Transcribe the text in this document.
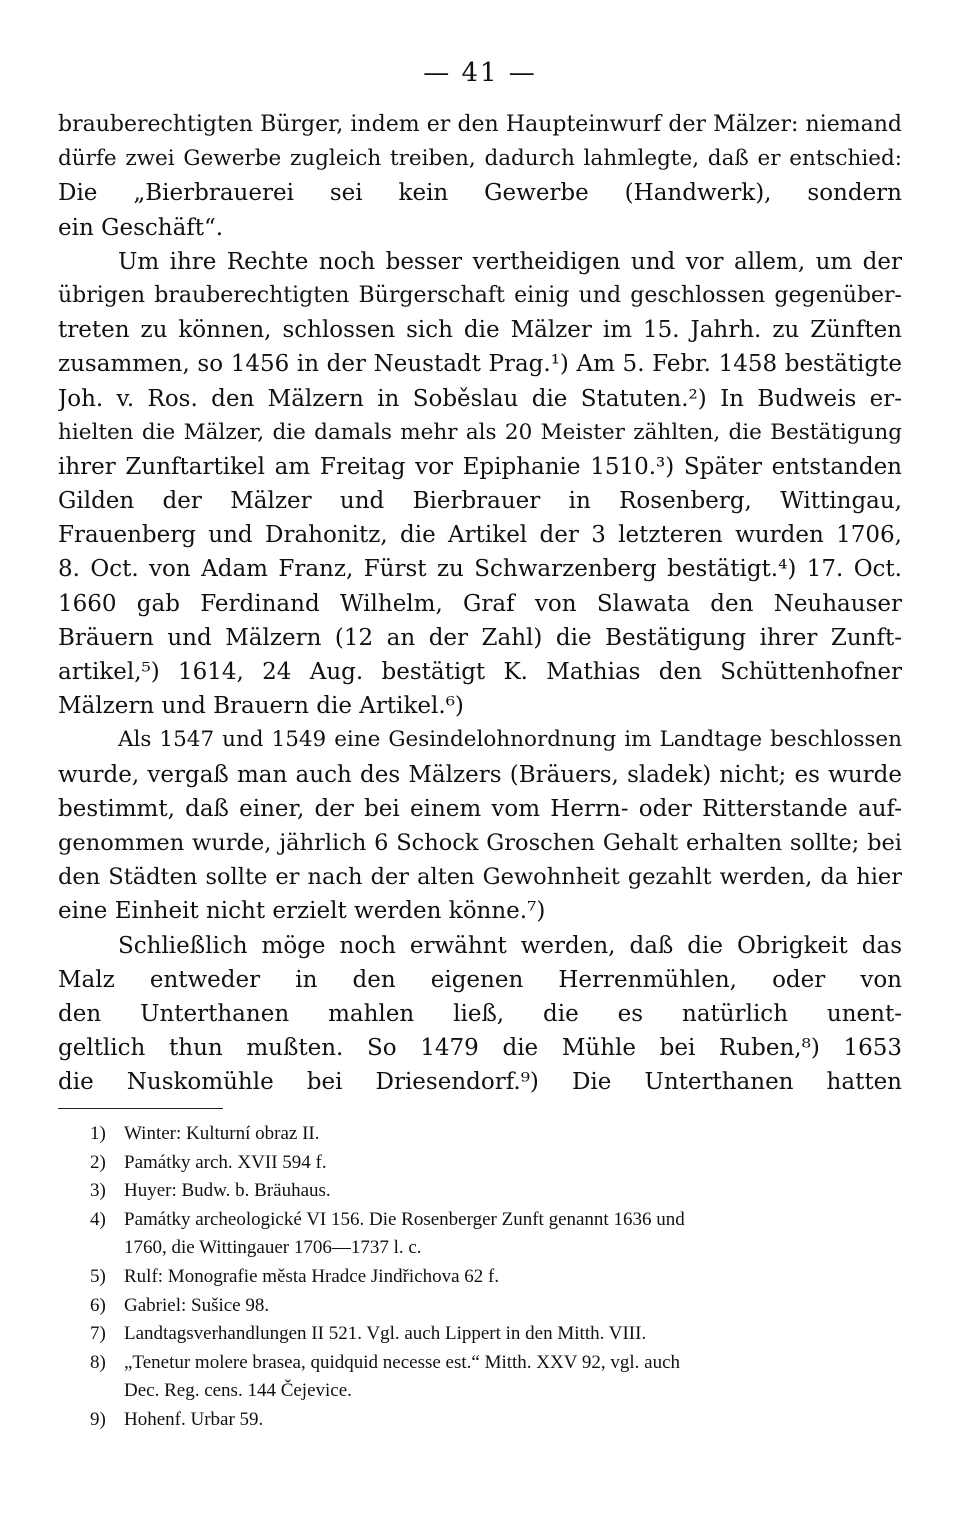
— 41 —
brauberechtigten Bürger, indem er den Haupteinwurf der Mälzer: niemand
dürfe zwei Gewerbe zugleich treiben, dadurch lahmlegte, daß er entschied:
Die „Bierbrauerei sei kein Gewerbe (Handwerk), sondern
ein Geschäft“.
Um ihre Rechte noch besser vertheidigen und vor allem, um der
übrigen brauberechtigten Bürgerschaft einig und geschlossen gegenüber-
treten zu können, schlossen sich die Mälzer im 15. Jahrh. zu Zünften
zusammen, so 1456 in der Neustadt Prag.¹) Am 5. Febr. 1458 bestätigte
Joh. v. Ros. den Mälzern in Soběslau die Statuten.²) In Budweis er-
hielten die Mälzer, die damals mehr als 20 Meister zählten, die Bestätigung
ihrer Zunftartikel am Freitag vor Epiphanie 1510.³) Später entstanden
Gilden der Mälzer und Bierbrauer in Rosenberg, Wittingau,
Frauenberg und Drahonitz, die Artikel der 3 letzteren wurden 1706,
8. Oct. von Adam Franz, Fürst zu Schwarzenberg bestätigt.⁴) 17. Oct.
1660 gab Ferdinand Wilhelm, Graf von Slawata den Neuhauser
Bräuern und Mälzern (12 an der Zahl) die Bestätigung ihrer Zunft-
artikel,⁵) 1614, 24 Aug. bestätigt K. Mathias den Schüttenhofner
Mälzern und Brauern die Artikel.⁶)
Als 1547 und 1549 eine Gesindelohnordnung im Landtage beschlossen
wurde, vergaß man auch des Mälzers (Bräuers, sladek) nicht; es wurde
bestimmt, daß einer, der bei einem vom Herrn- oder Ritterstande auf-
genommen wurde, jährlich 6 Schock Groschen Gehalt erhalten sollte; bei
den Städten sollte er nach der alten Gewohnheit gezahlt werden, da hier
eine Einheit nicht erzielt werden könne.⁷)
Schließlich möge noch erwähnt werden, daß die Obrigkeit das
Malz entweder in den eigenen Herrenmühlen, oder von
den Unterthanen mahlen ließ, die es natürlich unent-
geltlich thun mußten. So 1479 die Mühle bei Ruben,⁸) 1653
die Nuskomühle bei Driesendorf.⁹) Die Unterthanen hatten
1) Winter: Kulturní obraz II.
2) Památky arch. XVII 594 f.
3) Huyer: Budw. b. Bräuhaus.
4) Památky archeologické VI 156. Die Rosenberger Zunft genannt 1636 und
1760, die Wittingauer 1706—1737 l. c.
5) Rulf: Monografie města Hradce Jindřichova 62 f.
6) Gabriel: Sušice 98.
7) Landtagsverhandlungen II 521. Vgl. auch Lippert in den Mitth. VIII.
8) „Tenetur molere brasea, quidquid necesse est.“ Mitth. XXV 92, vgl. auch
Dec. Reg. cens. 144 Čejevice.
9) Hohenf. Urbar 59.
